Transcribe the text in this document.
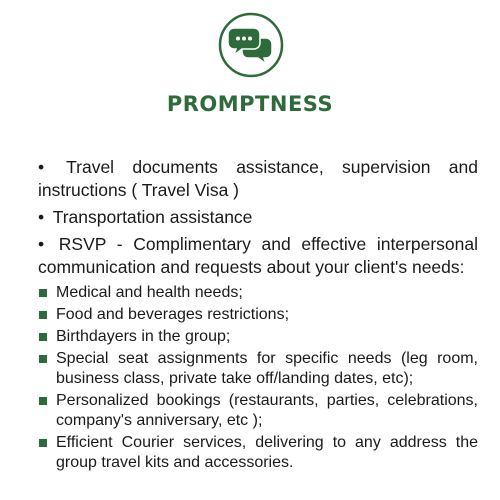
PROMPTNESS

• Travel documents assistance, supervision and instructions ( Travel Visa )

• Transportation assistance

• RSVP - Complimentary and effective interpersonal communication and requests about your client's needs:

Medical and health needs;
Food and beverages restrictions;
Birthdayers in the group;
Special seat assignments for specific needs (leg room, business class, private take off/landing dates, etc);
Personalized bookings (restaurants, parties, celebrations, company's anniversary, etc );
Efficient Courier services, delivering to any address the group travel kits and accessories.
